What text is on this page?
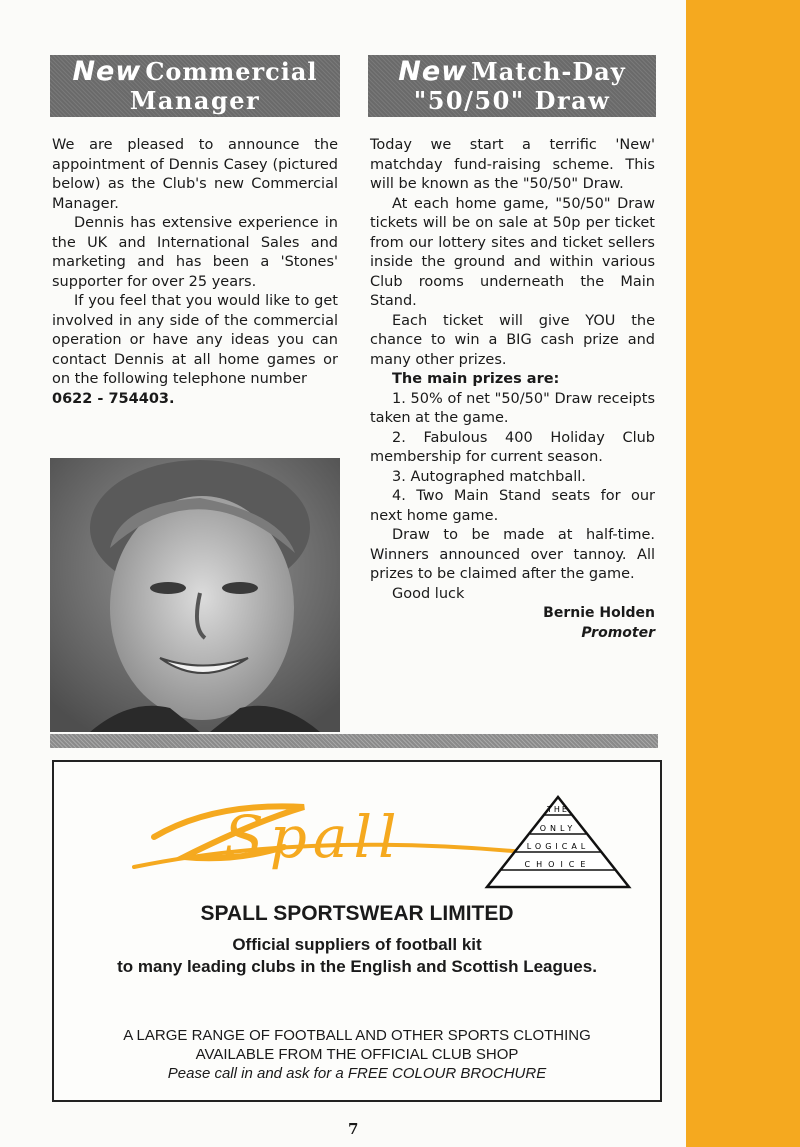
New Commercial
Manager
New Match-Day
"50/50" Draw

We are pleased to announce the appointment of Dennis Casey (pictured below) as the Club's new Commercial Manager.

Dennis has extensive experience in the UK and International Sales and marketing and has been a 'Stones' supporter for over 25 years.

If you feel that you would like to get involved in any side of the commercial operation or have any ideas you can contact Dennis at all home games or on the following telephone number

0622 - 754403.

Today we start a terrific 'New' matchday fund-raising scheme. This will be known as the "50/50" Draw.

At each home game, "50/50" Draw tickets will be on sale at 50p per ticket from our lottery sites and ticket sellers inside the ground and within various Club rooms underneath the Main Stand.

Each ticket will give YOU the chance to win a BIG cash prize and many other prizes.

The main prizes are:

1. 50% of net "50/50" Draw receipts taken at the game.

2. Fabulous 400 Holiday Club membership for current season.

3. Autographed matchball.

4. Two Main Stand seats for our next home game.

Draw to be made at half-time. Winners announced over tannoy. All prizes to be claimed after the game.

Good luck

Bernie Holden

Promoter

Spall	THE
ONLY
LOGICAL
CHOICE
SPALL SPORTSWEAR LIMITED
Official suppliers of football kit
to many leading clubs in the English and Scottish Leagues.
A LARGE RANGE OF FOOTBALL AND OTHER SPORTS CLOTHING
AVAILABLE FROM THE OFFICIAL CLUB SHOP
Pease call in and ask for a FREE COLOUR BROCHURE
7
